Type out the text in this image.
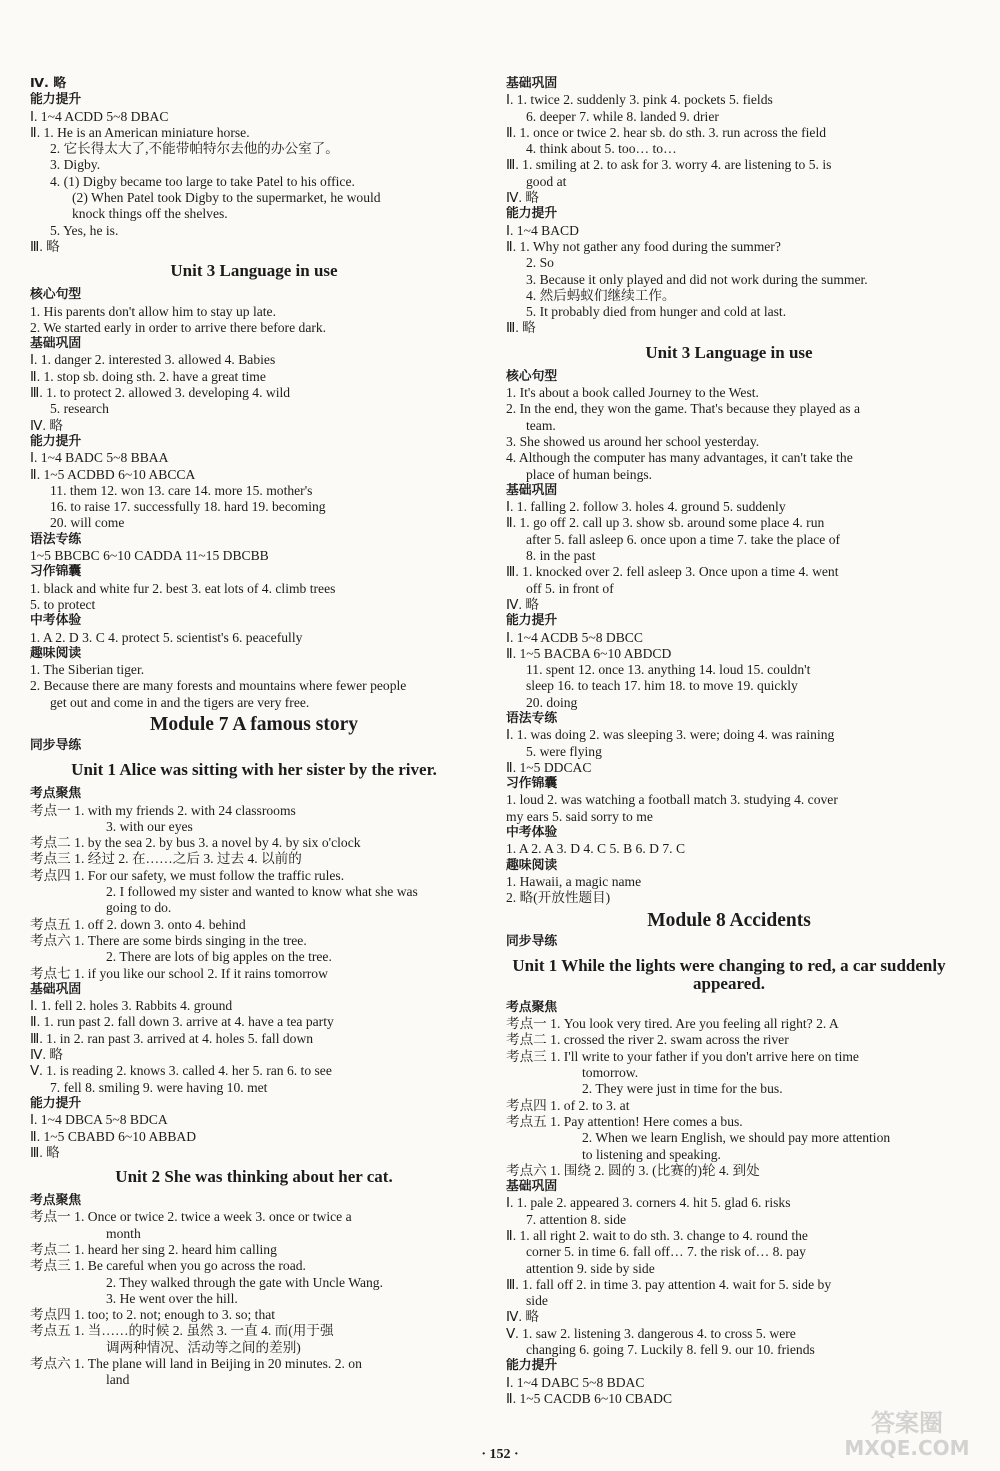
Ⅳ. 略
能力提升
Ⅰ. 1~4 ACDD 5~8 DBAC
Ⅱ. 1. He is an American miniature horse.
2. 它长得太大了,不能带帕特尔去他的办公室了。
3. Digby.
4. (1) Digby became too large to take Patel to his office.
(2) When Patel took Digby to the supermarket, he would
knock things off the shelves.
5. Yes, he is.
Ⅲ. 略
Unit 3 Language in use
核心句型
1. His parents don't allow him to stay up late.
2. We started early in order to arrive there before dark.
基础巩固
Ⅰ. 1. danger 2. interested 3. allowed 4. Babies
Ⅱ. 1. stop sb. doing sth. 2. have a great time
Ⅲ. 1. to protect 2. allowed 3. developing 4. wild
5. research
Ⅳ. 略
能力提升
Ⅰ. 1~4 BADC 5~8 BBAA
Ⅱ. 1~5 ACDBD 6~10 ABCCA
11. them 12. won 13. care 14. more 15. mother's
16. to raise 17. successfully 18. hard 19. becoming
20. will come
语法专练
1~5 BBCBC 6~10 CADDA 11~15 DBCBB
习作锦囊
1. black and white fur 2. best 3. eat lots of 4. climb trees
5. to protect
中考体验
1. A 2. D 3. C 4. protect 5. scientist's 6. peacefully
趣味阅读
1. The Siberian tiger.
2. Because there are many forests and mountains where fewer people
get out and come in and the tigers are very free.
Module 7 A famous story
同步导练
Unit 1 Alice was sitting with her sister by the river.
考点聚焦
考点一 1. with my friends 2. with 24 classrooms
3. with our eyes
考点二 1. by the sea 2. by bus 3. a novel by 4. by six o'clock
考点三 1. 经过 2. 在……之后 3. 过去 4. 以前的
考点四 1. For our safety, we must follow the traffic rules.
2. I followed my sister and wanted to know what she was
going to do.
考点五 1. off 2. down 3. onto 4. behind
考点六 1. There are some birds singing in the tree.
2. There are lots of big apples on the tree.
考点七 1. if you like our school 2. If it rains tomorrow
基础巩固
Ⅰ. 1. fell 2. holes 3. Rabbits 4. ground
Ⅱ. 1. run past 2. fall down 3. arrive at 4. have a tea party
Ⅲ. 1. in 2. ran past 3. arrived at 4. holes 5. fall down
Ⅳ. 略
Ⅴ. 1. is reading 2. knows 3. called 4. her 5. ran 6. to see
7. fell 8. smiling 9. were having 10. met
能力提升
Ⅰ. 1~4 DBCA 5~8 BDCA
Ⅱ. 1~5 CBABD 6~10 ABBAD
Ⅲ. 略
Unit 2 She was thinking about her cat.
考点聚焦
考点一 1. Once or twice 2. twice a week 3. once or twice a
month
考点二 1. heard her sing 2. heard him calling
考点三 1. Be careful when you go across the road.
2. They walked through the gate with Uncle Wang.
3. He went over the hill.
考点四 1. too; to 2. not; enough to 3. so; that
考点五 1. 当……的时候 2. 虽然 3. 一直 4. 而(用于强
调两种情况、活动等之间的差别)
考点六 1. The plane will land in Beijing in 20 minutes. 2. on
land
基础巩固
Ⅰ. 1. twice 2. suddenly 3. pink 4. pockets 5. fields
6. deeper 7. while 8. landed 9. drier
Ⅱ. 1. once or twice 2. hear sb. do sth. 3. run across the field
4. think about 5. too… to…
Ⅲ. 1. smiling at 2. to ask for 3. worry 4. are listening to 5. is
good at
Ⅳ. 略
能力提升
Ⅰ. 1~4 BACD
Ⅱ. 1. Why not gather any food during the summer?
2. So
3. Because it only played and did not work during the summer.
4. 然后蚂蚁们继续工作。
5. It probably died from hunger and cold at last.
Ⅲ. 略
Unit 3 Language in use
核心句型
1. It's about a book called Journey to the West.
2. In the end, they won the game. That's because they played as a
team.
3. She showed us around her school yesterday.
4. Although the computer has many advantages, it can't take the
place of human beings.
基础巩固
Ⅰ. 1. falling 2. follow 3. holes 4. ground 5. suddenly
Ⅱ. 1. go off 2. call up 3. show sb. around some place 4. run
after 5. fall asleep 6. once upon a time 7. take the place of
8. in the past
Ⅲ. 1. knocked over 2. fell asleep 3. Once upon a time 4. went
off 5. in front of
Ⅳ. 略
能力提升
Ⅰ. 1~4 ACDB 5~8 DBCC
Ⅱ. 1~5 BACBA 6~10 ABDCD
11. spent 12. once 13. anything 14. loud 15. couldn't
sleep 16. to teach 17. him 18. to move 19. quickly
20. doing
语法专练
Ⅰ. 1. was doing 2. was sleeping 3. were; doing 4. was raining
5. were flying
Ⅱ. 1~5 DDCAC
习作锦囊
1. loud 2. was watching a football match 3. studying 4. cover
my ears 5. said sorry to me
中考体验
1. A 2. A 3. D 4. C 5. B 6. D 7. C
趣味阅读
1. Hawaii, a magic name
2. 略(开放性题目)
Module 8 Accidents
同步导练
Unit 1 While the lights were changing to red, a car suddenly appeared.
考点聚焦
考点一 1. You look very tired. Are you feeling all right? 2. A
考点二 1. crossed the river 2. swam across the river
考点三 1. I'll write to your father if you don't arrive here on time
tomorrow.
2. They were just in time for the bus.
考点四 1. of 2. to 3. at
考点五 1. Pay attention! Here comes a bus.
2. When we learn English, we should pay more attention
to listening and speaking.
考点六 1. 围绕 2. 圆的 3. (比赛的)轮 4. 到处
基础巩固
Ⅰ. 1. pale 2. appeared 3. corners 4. hit 5. glad 6. risks
7. attention 8. side
Ⅱ. 1. all right 2. wait to do sth. 3. change to 4. round the
corner 5. in time 6. fall off… 7. the risk of… 8. pay
attention 9. side by side
Ⅲ. 1. fall off 2. in time 3. pay attention 4. wait for 5. side by
side
Ⅳ. 略
Ⅴ. 1. saw 2. listening 3. dangerous 4. to cross 5. were
changing 6. going 7. Luckily 8. fell 9. our 10. friends
能力提升
Ⅰ. 1~4 DABC 5~8 BDAC
Ⅱ. 1~5 CACDB 6~10 CBADC
· 152 ·
答案圈
MXQE.COM
